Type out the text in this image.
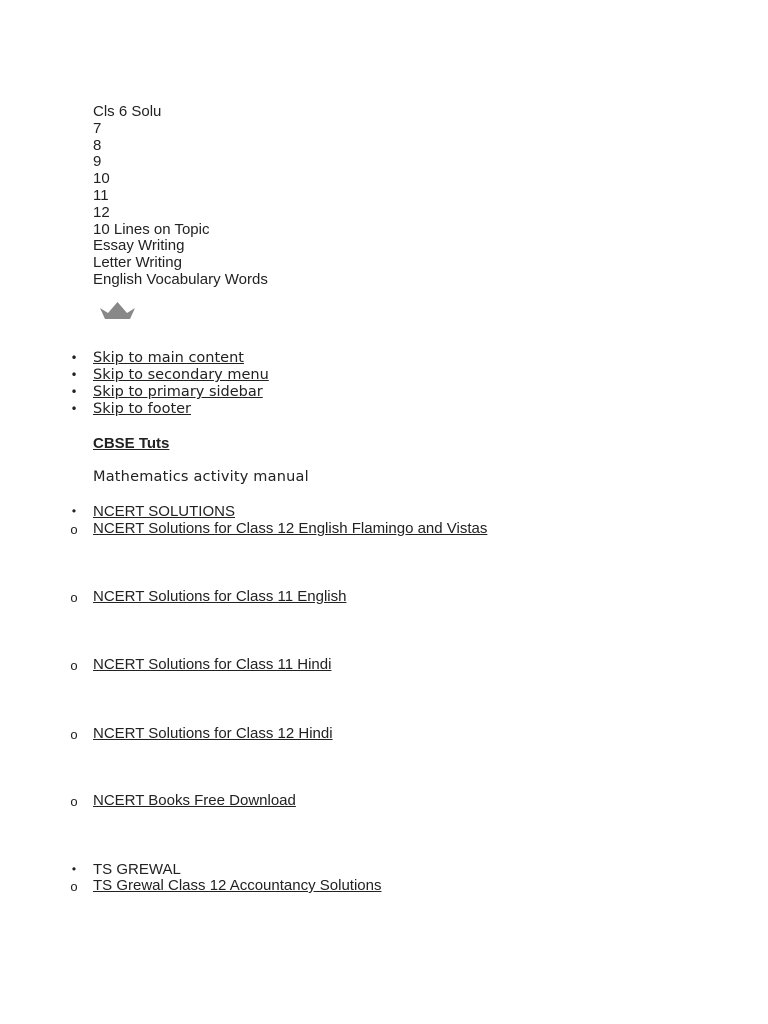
Cls 6 Solu
7
8
9
10
11
12
10 Lines on Topic
Essay Writing
Letter Writing
English Vocabulary Words
• Skip to main content
• Skip to secondary menu
• Skip to primary sidebar
• Skip to footer
CBSE Tuts
Mathematics activity manual
• NCERT SOLUTIONS
o NCERT Solutions for Class 12 English Flamingo and Vistas
o NCERT Solutions for Class 11 English
o NCERT Solutions for Class 11 Hindi
o NCERT Solutions for Class 12 Hindi
o NCERT Books Free Download
• TS GREWAL
o TS Grewal Class 12 Accountancy Solutions
